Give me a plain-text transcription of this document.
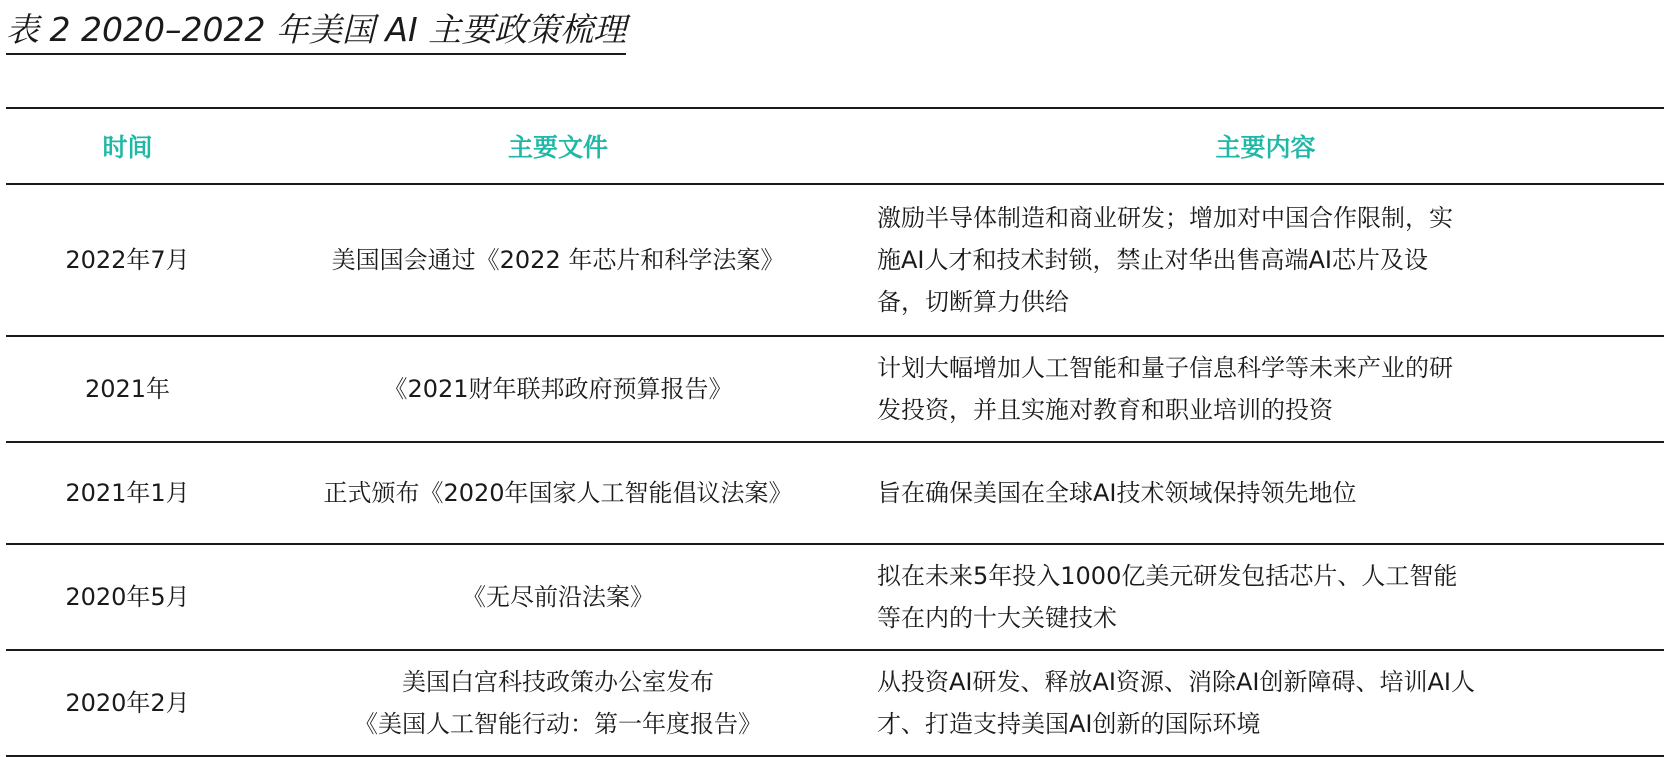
表 2 2020–2022 年美国 AI 主要政策梳理
时间	主要文件	主要内容
2022年7月	美国国会通过《2022 年芯片和科学法案》	激励半导体制造和商业研发；增加对中国合作限制，实
施AI人才和技术封锁，禁止对华出售高端AI芯片及设
备，切断算力供给

2021年	《2021财年联邦政府预算报告》	计划大幅增加人工智能和量子信息科学等未来产业的研
发投资，并且实施对教育和职业培训的投资

2021年1月	正式颁布《2020年国家人工智能倡议法案》	旨在确保美国在全球AI技术领域保持领先地位

2020年5月	《无尽前沿法案》	拟在未来5年投入1000亿美元研发包括芯片、人工智能
等在内的十大关键技术

2020年2月	美国白宫科技政策办公室发布
《美国人工智能行动：第一年度报告》	从投资AI研发、释放AI资源、消除AI创新障碍、培训AI人
才、打造支持美国AI创新的国际环境
